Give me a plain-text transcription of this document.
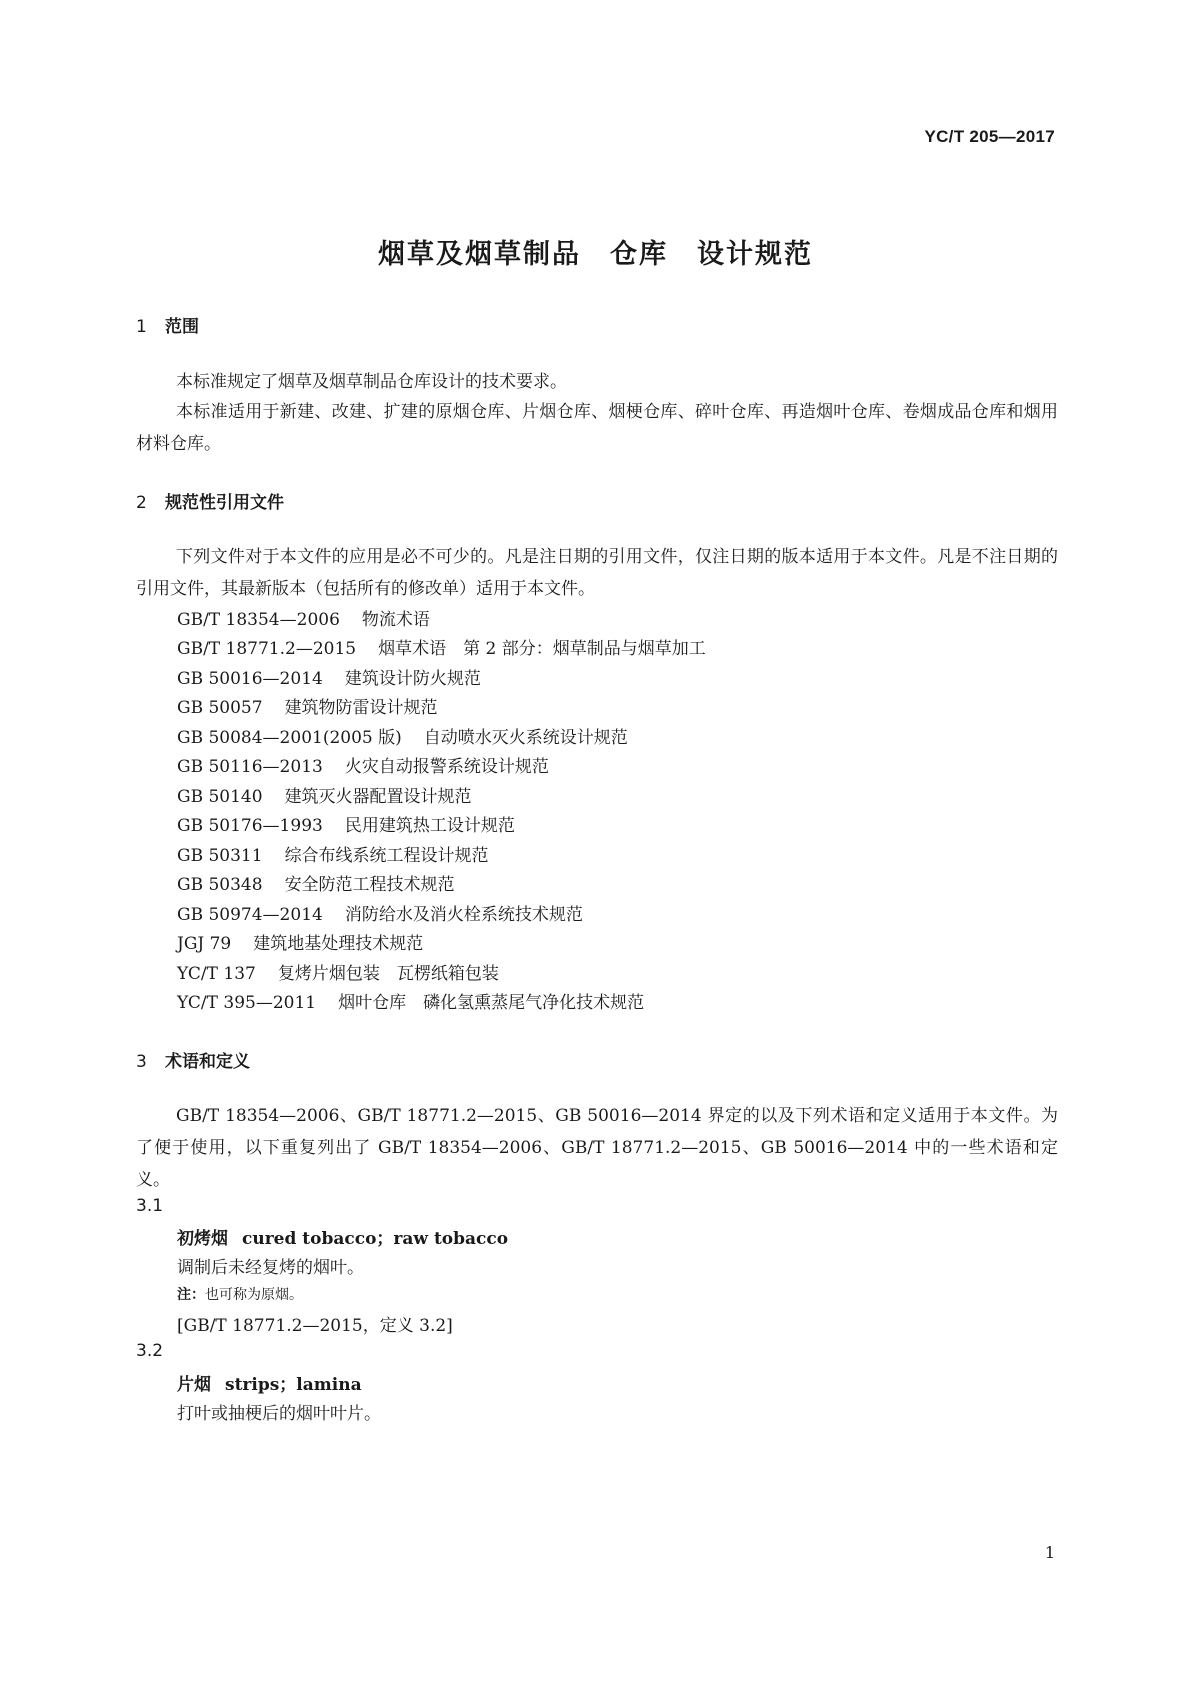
YC/T 205—2017
烟草及烟草制品　仓库　设计规范
1 范围

本标准规定了烟草及烟草制品仓库设计的技术要求。

本标准适用于新建、改建、扩建的原烟仓库、片烟仓库、烟梗仓库、碎叶仓库、再造烟叶仓库、卷烟成品仓库和烟用材料仓库。

2 规范性引用文件

下列文件对于本文件的应用是必不可少的。凡是注日期的引用文件，仅注日期的版本适用于本文件。凡是不注日期的引用文件，其最新版本（包括所有的修改单）适用于本文件。

GB/T 18354—2006 物流术语
GB/T 18771.2—2015 烟草术语　第 2 部分：烟草制品与烟草加工
GB 50016—2014 建筑设计防火规范
GB 50057 建筑物防雷设计规范
GB 50084—2001(2005 版) 自动喷水灭火系统设计规范
GB 50116—2013 火灾自动报警系统设计规范
GB 50140 建筑灭火器配置设计规范
GB 50176—1993 民用建筑热工设计规范
GB 50311 综合布线系统工程设计规范
GB 50348 安全防范工程技术规范
GB 50974—2014 消防给水及消火栓系统技术规范
JGJ 79 建筑地基处理技术规范
YC/T 137 复烤片烟包装　瓦楞纸箱包装
YC/T 395—2011 烟叶仓库　磷化氢熏蒸尾气净化技术规范
3 术语和定义

GB/T 18354—2006、GB/T 18771.2—2015、GB 50016—2014 界定的以及下列术语和定义适用于本文件。为了便于使用，以下重复列出了 GB/T 18354—2006、GB/T 18771.2—2015、GB 50016—2014 中的一些术语和定义。

3.1
初烤烟 cured tobacco；raw tobacco
调制后未经复烤的烟叶。
注：也可称为原烟。
[GB/T 18771.2—2015，定义 3.2]
3.2
片烟 strips；lamina
打叶或抽梗后的烟叶叶片。
1
